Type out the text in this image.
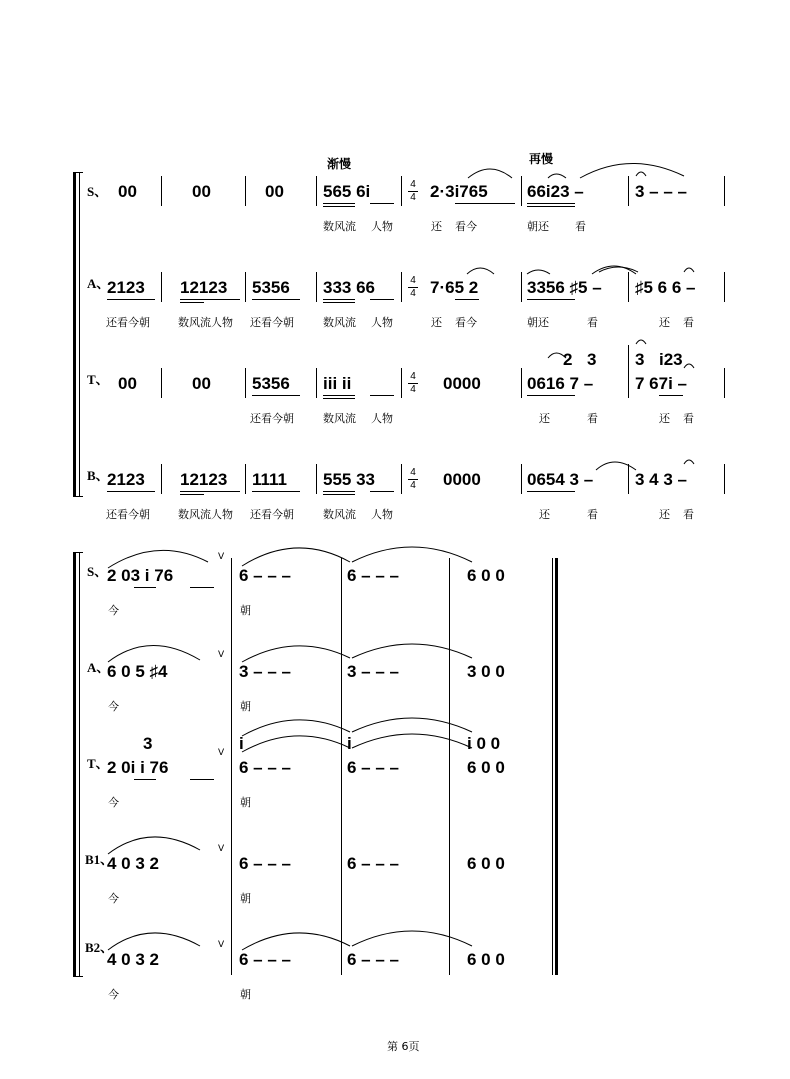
渐慢	再慢
4
4
4
4
4
4
4
4
S、 00	00	00 565 6i	2·3i765 66i23 –	3 – – –
数风流 人物	还 看今	朝还 看
A、
2123 12123 5356 333 66	7·65 2	3356 ♯5 – ♯5 6 6 –
还看今朝	数风流人物 还看今朝	数风流 人物	还 看今	朝还	看	还 看
T、
2 3 3 i23
00	00 5356 iii ii	0000	0616 7 – 7 67i –
还看今朝	数风流 人物	还	看	还 看
B、
2123 12123 1111 555 33	0000	0654 3 – 3 4 3 –
还看今朝	数风流人物 还看今朝	数风流 人物	还	看	还 看
S、 2 03 i 76	6 – – –	6 – – –	6 0 0
V
今	朝
A、
6 0 5 ♯4	3 – – –	3 – – –	3 0 0
V
今	朝
3	i	i	i 0 0
T、
2 0i i 76	6 – – –	6 – – –	6 0 0
V
今	朝
B1、
4 0 3 2	6 – – –	6 – – –	6 0 0
V
今	朝
B2、
4 0 3 2	6 – – –	6 – – –	6 0 0
V
今	朝
第 6页
